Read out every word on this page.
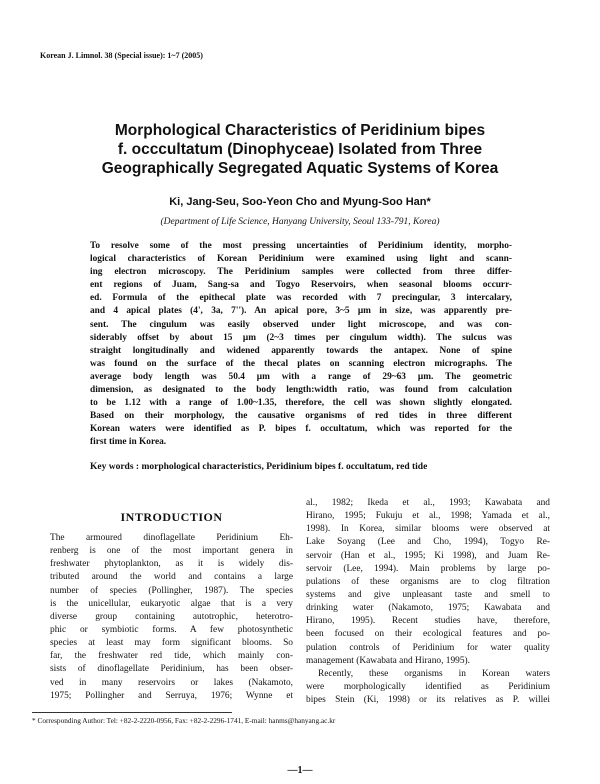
Korean J. Limnol. 38 (Special issue): 1~7 (2005)
Morphological Characteristics of Peridinium bipes
f. occcultatum (Dinophyceae) Isolated from Three
Geographically Segregated Aquatic Systems of Korea
Ki, Jang-Seu, Soo-Yeon Cho and Myung-Soo Han*
(Department of Life Science, Hanyang University, Seoul 133-791, Korea)
To resolve some of the most pressing uncertainties of Peridinium identity, morpho-
logical characteristics of Korean Peridinium were examined using light and scann-
ing electron microscopy. The Peridinium samples were collected from three differ-
ent regions of Juam, Sang-sa and Togyo Reservoirs, when seasonal blooms occurr-
ed. Formula of the epithecal plate was recorded with 7 precingular, 3 intercalary,
and 4 apical plates (4', 3a, 7''). An apical pore, 3~5 μm in size, was apparently pre-
sent. The cingulum was easily observed under light microscope, and was con-
siderably offset by about 15 μm (2~3 times per cingulum width). The sulcus was
straight longitudinally and widened apparently towards the antapex. None of spine
was found on the surface of the thecal plates on scanning electron micrographs. The
average body length was 50.4 μm with a range of 29~63 μm. The geometric
dimension, as designated to the body length:width ratio, was found from calculation
to be 1.12 with a range of 1.00~1.35, therefore, the cell was shown slightly elongated.
Based on their morphology, the causative organisms of red tides in three different
Korean waters were identified as P. bipes f. occultatum, which was reported for the
first time in Korea.
Key words : morphological characteristics, Peridinium bipes f. occultatum, red tide
INTRODUCTION
The armoured dinoflagellate Peridinium Eh-
renberg is one of the most important genera in
freshwater phytoplankton, as it is widely dis-
tributed around the world and contains a large
number of species (Pollingher, 1987). The species
is the unicellular, eukaryotic algae that is a very
diverse group containing autotrophic, heterotro-
phic or symbiotic forms. A few photosynthetic
species at least may form significant blooms. So
far, the freshwater red tide, which mainly con-
sists of dinoflagellate Peridinium, has been obser-
ved in many reservoirs or lakes (Nakamoto,
1975; Pollingher and Serruya, 1976; Wynne et
al., 1982; Ikeda et al., 1993; Kawabata and
Hirano, 1995; Fukuju et al., 1998; Yamada et al.,
1998). In Korea, similar blooms were observed at
Lake Soyang (Lee and Cho, 1994), Togyo Re-
servoir (Han et al., 1995; Ki 1998), and Juam Re-
servoir (Lee, 1994). Main problems by large po-
pulations of these organisms are to clog filtration
systems and give unpleasant taste and smell to
drinking water (Nakamoto, 1975; Kawabata and
Hirano, 1995). Recent studies have, therefore,
been focused on their ecological features and po-
pulation controls of Peridinium for water quality
management (Kawabata and Hirano, 1995).
Recently, these organisms in Korean waters
were morphologically identified as Peridinium
bipes Stein (Ki, 1998) or its relatives as P. willei
* Corresponding Author: Tel: +82-2-2220-0956, Fax: +82-2-2296-1741, E-mail: hanms@hanyang.ac.kr
—1—
